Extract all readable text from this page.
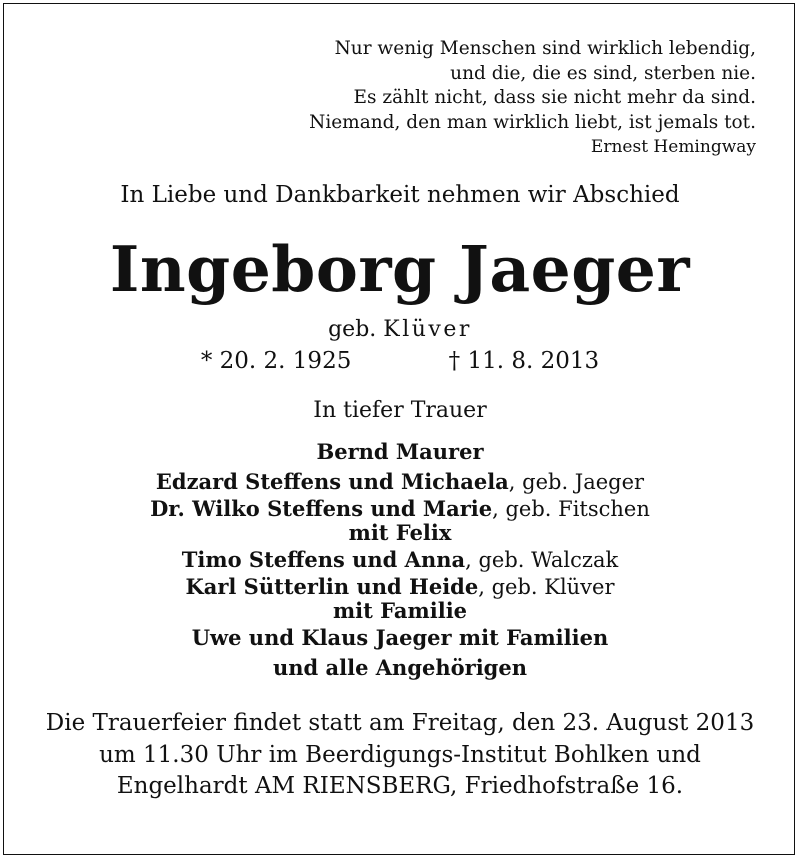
Nur wenig Menschen sind wirklich lebendig,
und die, die es sind, sterben nie.
Es zählt nicht, dass sie nicht mehr da sind.
Niemand, den man wirklich liebt, ist jemals tot.
Ernest Hemingway
In Liebe und Dankbarkeit nehmen wir Abschied
Ingeborg Jaeger
geb. Klüver
* 20. 2. 1925	† 11. 8. 2013
In tiefer Trauer
Bernd Maurer
Edzard Steffens und Michaela, geb. Jaeger
Dr. Wilko Steffens und Marie, geb. Fitschen
mit Felix
Timo Steffens und Anna, geb. Walczak
Karl Sütterlin und Heide, geb. Klüver
mit Familie
Uwe und Klaus Jaeger mit Familien
und alle Angehörigen
Die Trauerfeier findet statt am Freitag, den 23. August 2013
um 11.30 Uhr im Beerdigungs-Institut Bohlken und
Engelhardt AM RIENSBERG, Friedhofstraße 16.
